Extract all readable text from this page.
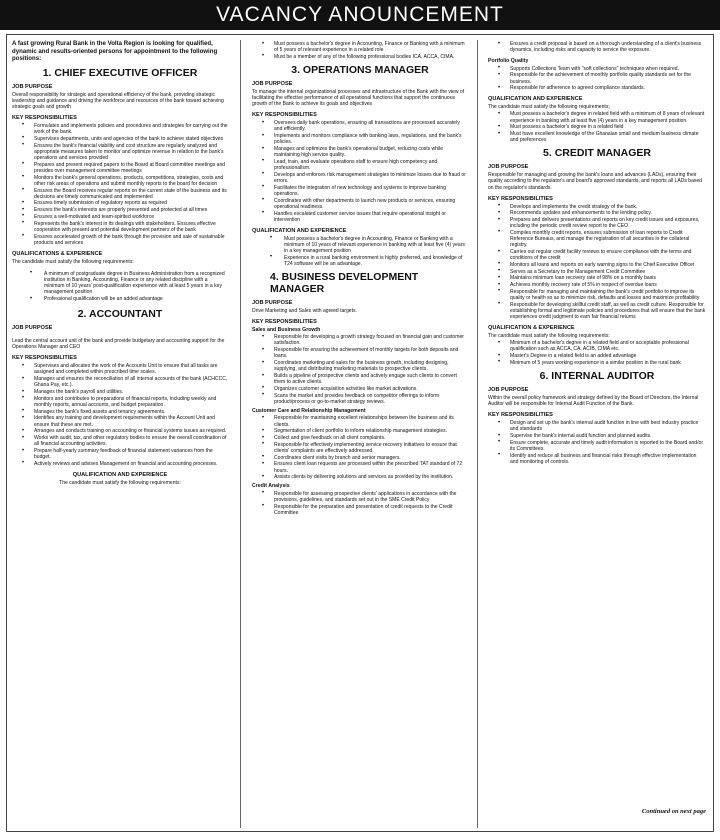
VACANCY ANOUNCEMENT
A fast growing Rural Bank in the Volta Region is looking for qualified, dynamic and results-oriented persons for appointment to the following positions:
1. CHIEF EXECUTIVE OFFICER
JOB PURPOSE

Overall responsibility for strategic and operational efficiency of the bank, providing strategic leadership and guidance and driving the workforce and resources of the bank toward achieving strategic goals and growth

KEY RESPONSIBILITIES
• Formulates and implements policies and procedures and strategies for carrying out the work of the bank.
• Supervises departments, units and agencies of the bank to achieve stated objectives
• Ensures the bank's financial viability and cost structure are regularly analyzed and appropriate measures taken to monitor and optimize revenue in relation to the bank's operations and services provided
• Prepares and present required papers to the Board at Board committee meetings and presides over management committee meetings
• Monitors the bank's general operations, products, competitions, strategies, costs and other risk areas of operations and submit monthly reports to the board for decision
• Ensures the Board receives regular reports on the current state of the business and its decisions are timely communicated and implemented
• Ensures timely submission of regulatory reports as required
• Ensures the bank's interests are properly presented and protected at all times
• Ensures a well-motivated and team-spirited workforce
• Represents the bank's interest in its dealings with stakeholders. Ensures effective cooperation with present and potential development partners of the bank
• Ensures accelerated growth of the bank through the provision and sale of sustainable products and services
QUALIFICATIONS & EXPERIENCE

The candidate must satisfy the following requirements:

• A minimum of postgraduate degree in Business Administration from a recognized institution in Banking, Accounting, Finance or any related discipline with a minimum of 10 years' post-qualification experience with at least 5 years in a key management position
• Professional qualification will be an added advantage
2. ACCOUNTANT
JOB PURPOSE

Lead the central account unit of the bank and provide budgetary and accounting support for the Operations Manager and CEO

KEY RESPONSIBILITIES
• Supervises and allocates the work of the Accounts Unit to ensure that all tasks are assigned and completed within prescribed time scales.
• Manages and ensures the reconciliation of all internal accounts of the bank (ACHCCC, Ghana Pay, etc.).
• Manages the bank's payroll and utilities.
• Monitors and contributes to preparations of financial reports, including weekly and monthly reports, annual accounts, and budget preparation.
• Manages the bank's fixed assets and tenancy agreements.
• Identifies any training and development requirements within the Account Unit and ensure that these are met.
• Arranges and conducts training on accounting or financial systems issues as required.
• Works with audit, tax, and other regulatory bodies to ensure the overall coordination of all financial accounting activities.
• Prepare half-yearly summary feedback of financial statement variances from the budget.
• Actively reviews and advises Management on financial and accounting processes.
QUALIFICATION AND EXPERIENCE

The candidate must satisfy the following requirements:

• Must possess a bachelor's degree in Accounting, Finance or Banking with a minimum of 5 years of relevant experience in a related role
• Must be a member of any of the following professional bodies ICA, ACCA, CIMA.
3. OPERATIONS MANAGER
JOB PURPOSE

To manage the internal organizational processes and infrastructure of the Bank with the view of facilitating the effective performance of all operational functions that support the continuous growth of the Bank to achieve its goals and objectives

KEY RESPONSIBILITIES
• Oversees daily bank operations, ensuring all transactions are processed accurately and efficiently.
• Implements and monitors compliance with banking laws, regulations, and the bank's policies.
• Manages and optimizes the bank's operational budget, reducing costs while maintaining high service quality.
• Lead, train, and evaluate operations staff to ensure high competency and professionalism.
• Develops and enforces risk management strategies to minimize losses due to fraud or errors.
• Facilitates the integration of new technology and systems to improve banking operations.
• Coordinates with other departments to launch new products or services, ensuring operational readiness.
• Handles escalated customer service issues that require operational insight or intervention
QUALIFICATION AND EXPERIENCE
• Must possess a bachelor's degree in Accounting, Finance or Banking with a minimum of 10 years of relevant experience in banking with at least five (4) years in a key management position
• Experience in a rural banking environment is highly preferred, and knowledge of T24 software will be an advantage.
4. BUSINESS DEVELOPMENT MANAGER
JOB PURPOSE

Drive Marketing and Sales with agreed targets.

KEY RESPONSIBILITIES
Sales and Business Growth
• Responsible for developing a growth strategy focused on financial gain and customer satisfaction.
• Responsible for ensuring the achievement of monthly targets for both deposits and loans.
• Coordinates marketing and sales for the business growth, including designing, supplying, and distributing marketing materials to prospective clients.
• Builds a pipeline of prospective clients and actively engage such clients to convert them to active clients.
• Organizes customer acquisition activities like market activations.
• Scans the market and provides feedback on competitor offerings to inform product/process or go-to-market strategy reviews.
Customer Care and Relationship Management
• Responsible for maintaining excellent relationships between the business and its clients.
• Segmentation of client portfolio to inform relationship management strategies.
• Collect and give feedback on all client complaints.
• Responsible for effectively implementing service recovery initiatives to ensure that clients' complaints are effectively addressed.
• Coordinates client visits by branch and senior managers.
• Ensures client loan requests are processed within the prescribed TAT standard of 72 hours.
• Assists clients by delivering solutions and services as provided by the institution.
Credit Analysis
• Responsible for assessing prospective clients' applications in accordance with the provisions, guidelines, and standards set out in the SME Credit Policy
• Responsible for the preparation and presentation of credit requests to the Credit Committee
• Ensures a credit proposal is based on a thorough understanding of a client's business dynamics, including risks and capacity to service the exposure.
Portfolio Quality
• Supports Collections Team with "soft collections" techniques when required.
• Responsible for the achievement of monthly portfolio quality standards set for the business.
• Responsible for adherence to agreed compliance standards.
QUALIFICATION AND EXPERIENCE

The candidate must satisfy the following requirements;

• Must possess a bachelor's degree in related field with a minimum of 8 years of relevant experience in banking with at least five (4) years in a key management position
• Must possess a bachelor's degree in a related field
• Must have excellent knowledge of the Ghanaian small and medium business climate and preferences
5. CREDIT MANAGER
JOB PURPOSE

Responsible for managing and growing the bank's loans and advances (LADs), ensuring their quality according to the regulator's and board's approved standards, and reports all LADs based on the regulator's standards.

KEY RESPONSIBILITIES
• Develops and implements the credit strategy of the bank.
• Recommends updates and enhancements to the lending policy.
• Prepares and delivers presentations and reports on key credit issues and exposures, including the periodic credit review report to the CEO.
• Compiles monthly credit reports, ensures submission of loan reports to Credit Reference Bureaus, and manage the registration of all securities in the collateral registry.
• Carries out regular credit facility reviews to ensure compliance with the terms and conditions of the credit
• Monitors all loans and reports on early warning signs to the Chief Executive Officer
• Serves as a Secretary to the Management Credit Committee
• Maintains minimum loan recovery rate of 98% on a monthly basis
• Achieves monthly recovery rate of 5% in respect of overdue loans
• Responsible for managing and maintaining the bank's credit portfolio to improve its quality or health so as to minimize risk, defaults and losses and maximize profitability
• Responsible for developing skillful credit staff, as well as credit culture. Responsible for establishing formal and legitimate policies and procedures that will ensure that the bank experiences credit judgment to earn fair financial returns
QUALIFICATION & EXPERIENCE

The candidate must satisfy the following requirements:

• Minimum of a bachelor's degree in a related field and or acceptable professional qualification such as ACCA, CA, ACIB, CIMA etc.
• Master's Degree in a related field is an added advantage
• Minimum of 5 years working experience in a similar position in the rural bank
6. INTERNAL AUDITOR
JOB PURPOSE

Within the overall policy framework and strategy defined by the Board of Directors, the Internal Auditor will be responsible for Internal Audit Function of the Bank.

KEY RESPONSIBILITIES
• Design and set up the bank's internal audit function in line with best industry practice and standards
• Supervise the bank's internal audit function and planned audits.
• Ensure complete, accurate and timely audit information is reported to the Board and/or its Committees.
• Identify and reduce all business and financial risks through effective implementation and monitoring of controls.
Continued on next page
